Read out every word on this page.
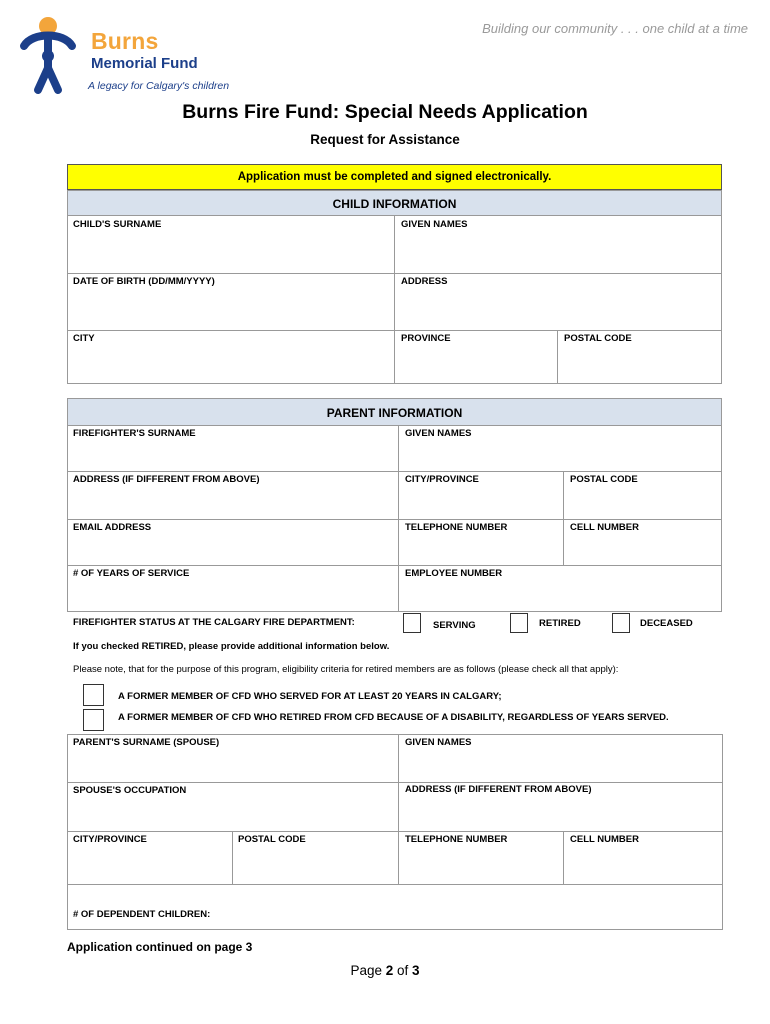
Building our community . . . one child at a time
Burns
Memorial Fund
A legacy for Calgary's children
Burns Fire Fund: Special Needs Application
Request for Assistance
Application must be completed and signed electronically.
CHILD INFORMATION
CHILD'S SURNAME	GIVEN NAMES
DATE OF BIRTH (DD/MM/YYYY)	ADDRESS
CITY	PROVINCE	POSTAL CODE
PARENT INFORMATION
FIREFIGHTER'S SURNAME	GIVEN NAMES
ADDRESS (IF DIFFERENT FROM ABOVE)	CITY/PROVINCE	POSTAL CODE
EMAIL ADDRESS	TELEPHONE NUMBER	CELL NUMBER
# OF YEARS OF SERVICE	EMPLOYEE NUMBER
FIREFIGHTER STATUS AT THE CALGARY FIRE DEPARTMENT:	SERVING	RETIRED	DECEASED
If you checked RETIRED, please provide additional information below.
Please note, that for the purpose of this program, eligibility criteria for retired members are as follows (please check all that apply):
A FORMER MEMBER OF CFD WHO SERVED FOR AT LEAST 20 YEARS IN CALGARY;
A FORMER MEMBER OF CFD WHO RETIRED FROM CFD BECAUSE OF A DISABILITY, REGARDLESS OF YEARS SERVED.
PARENT'S SURNAME (SPOUSE)	GIVEN NAMES
SPOUSE'S OCCUPATION	ADDRESS (IF DIFFERENT FROM ABOVE)
CITY/PROVINCE	POSTAL CODE	TELEPHONE NUMBER	CELL NUMBER
# OF DEPENDENT CHILDREN:
Application continued on page 3
Page 2 of 3
